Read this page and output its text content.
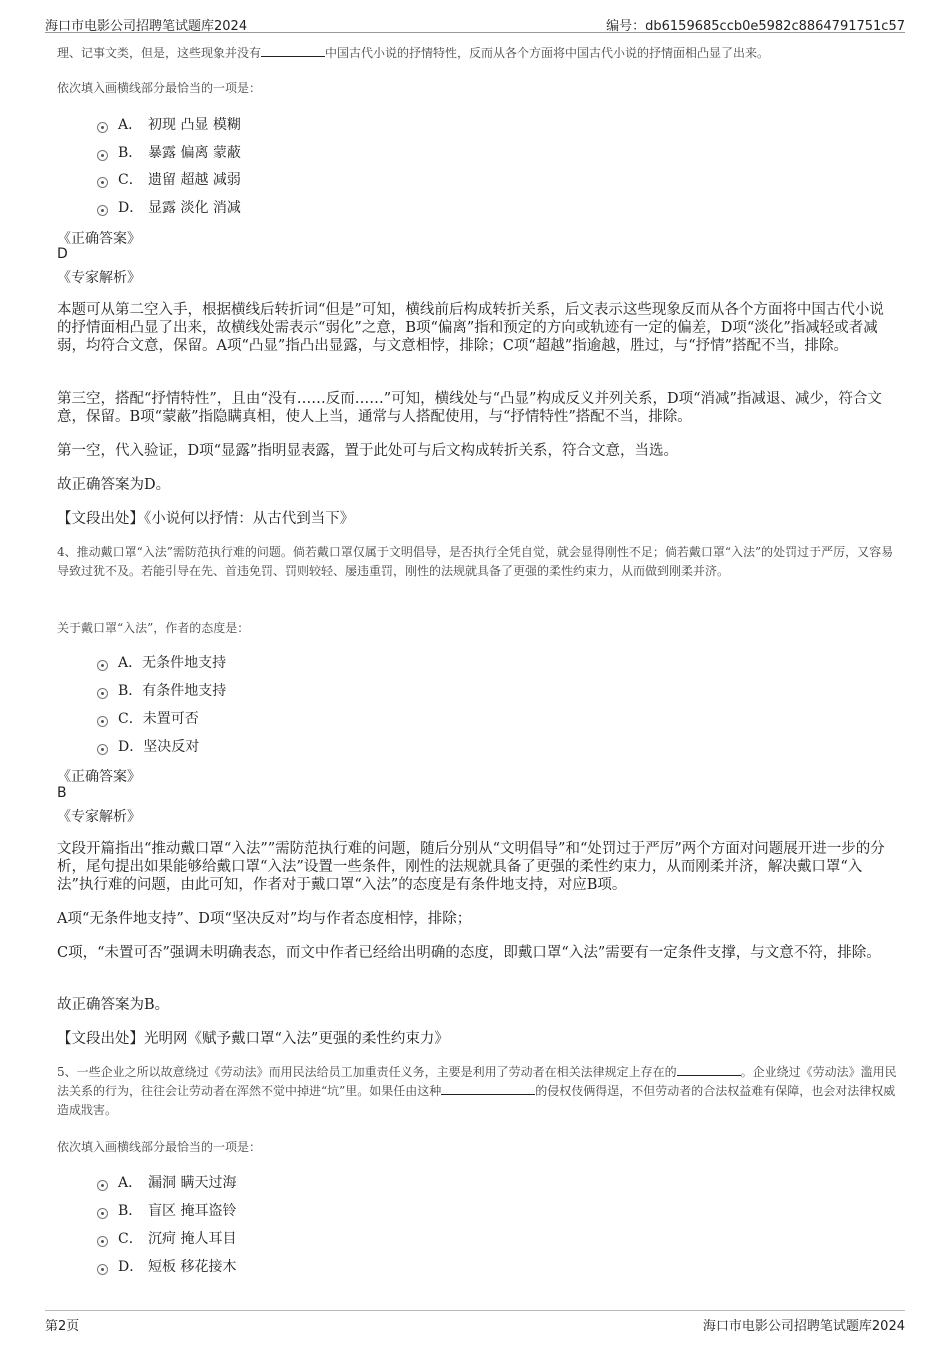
海口市电影公司招聘笔试题库2024	编号：db6159685ccb0e5982c8864791751c57
理、记事文类，但是，这些现象并没有	中国古代小说的抒情特性，反而从各个方面将中国古代小说的抒情面相凸显了出来。
依次填入画横线部分最恰当的一项是：
A． 初现 凸显 模糊
B． 暴露 偏离 蒙蔽
C． 遗留 超越 减弱
D． 显露 淡化 消减
《正确答案》
D
《专家解析》
本题可从第二空入手，根据横线后转折词“但是”可知，横线前后构成转折关系，后文表示这些现象反而从各个方面将中国古代小说的抒情面相凸显了出来，故横线处需表示“弱化”之意，B项“偏离”指和预定的方向或轨迹有一定的偏差，D项“淡化”指减轻或者减弱，均符合文意，保留。A项“凸显”指凸出显露，与文意相悖，排除；C项“超越”指逾越，胜过，与“抒情”搭配不当，排除。
第三空，搭配“抒情特性”，且由“没有……反而……”可知，横线处与“凸显”构成反义并列关系，D项“消减”指减退、减少，符合文意，保留。B项“蒙蔽”指隐瞒真相，使人上当，通常与人搭配使用，与“抒情特性”搭配不当，排除。
第一空，代入验证，D项“显露”指明显表露，置于此处可与后文构成转折关系，符合文意，当选。
故正确答案为D。
【文段出处】《小说何以抒情：从古代到当下》
4、推动戴口罩“入法”需防范执行难的问题。倘若戴口罩仅属于文明倡导，是否执行全凭自觉，就会显得刚性不足；倘若戴口罩“入法”的处罚过于严厉，又容易导致过犹不及。若能引导在先、首违免罚、罚则较轻、屡违重罚，刚性的法规就具备了更强的柔性约束力，从而做到刚柔并济。
关于戴口罩“入法”，作者的态度是：
A．无条件地支持
B．有条件地支持
C．未置可否
D．坚决反对
《正确答案》
B
《专家解析》
文段开篇指出“推动戴口罩“入法””需防范执行难的问题，随后分别从“文明倡导”和“处罚过于严厉”两个方面对问题展开进一步的分析，尾句提出如果能够给戴口罩“入法”设置一些条件，刚性的法规就具备了更强的柔性约束力，从而刚柔并济，解决戴口罩“入法”执行难的问题，由此可知，作者对于戴口罩“入法”的态度是有条件地支持，对应B项。
A项“无条件地支持”、D项“坚决反对”均与作者态度相悖，排除；
C项，“未置可否”强调未明确表态，而文中作者已经给出明确的态度，即戴口罩“入法”需要有一定条件支撑，与文意不符，排除。
故正确答案为B。
【文段出处】光明网《赋予戴口罩“入法”更强的柔性约束力》
5、一些企业之所以故意绕过《劳动法》而用民法给员工加重责任义务，主要是利用了劳动者在相关法律规定上存在的	。企业绕过《劳动法》滥用民法关系的行为，往往会让劳动者在浑然不觉中掉进“坑”里。如果任由这种	的侵权伎俩得逞，不但劳动者的合法权益难有保障，也会对法律权威造成戕害。
依次填入画横线部分最恰当的一项是：
A． 漏洞 瞒天过海
B． 盲区 掩耳盗铃
C． 沉疴 掩人耳目
D． 短板 移花接木
第2页	海口市电影公司招聘笔试题库2024
